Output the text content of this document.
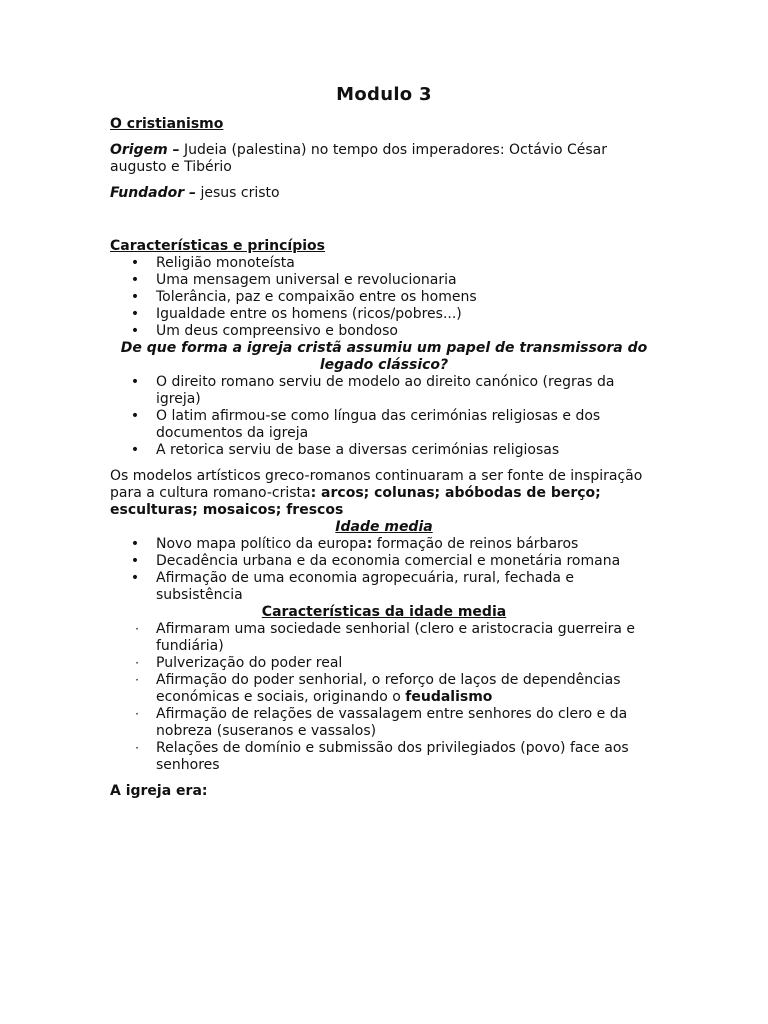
Modulo 3

O cristianismo

Origem – Judeia (palestina) no tempo dos imperadores: Octávio César augusto e Tibério

Fundador – jesus cristo

Características e princípios

• Religião monoteísta
• Uma mensagem universal e revolucionaria
• Tolerância, paz e compaixão entre os homens
• Igualdade entre os homens (ricos/pobres...)
• Um deus compreensivo e bondoso

De que forma a igreja cristã assumiu um papel de transmissora do legado clássico?

• O direito romano serviu de modelo ao direito canónico (regras da igreja)
• O latim afirmou-se como língua das cerimónias religiosas e dos documentos da igreja
• A retorica serviu de base a diversas cerimónias religiosas

Os modelos artísticos greco-romanos continuaram a ser fonte de inspiração para a cultura romano-crista: arcos; colunas; abóbodas de berço; esculturas; mosaicos; frescos

Idade media

• Novo mapa político da europa: formação de reinos bárbaros
• Decadência urbana e da economia comercial e monetária romana
• Afirmação de uma economia agropecuária, rural, fechada e subsistência

Características da idade media

· Afirmaram uma sociedade senhorial (clero e aristocracia guerreira e fundiária)
· Pulverização do poder real
· Afirmação do poder senhorial, o reforço de laços de dependências económicas e sociais, originando o feudalismo
· Afirmação de relações de vassalagem entre senhores do clero e da nobreza (suseranos e vassalos)
· Relações de domínio e submissão dos privilegiados (povo) face aos senhores

A igreja era:
